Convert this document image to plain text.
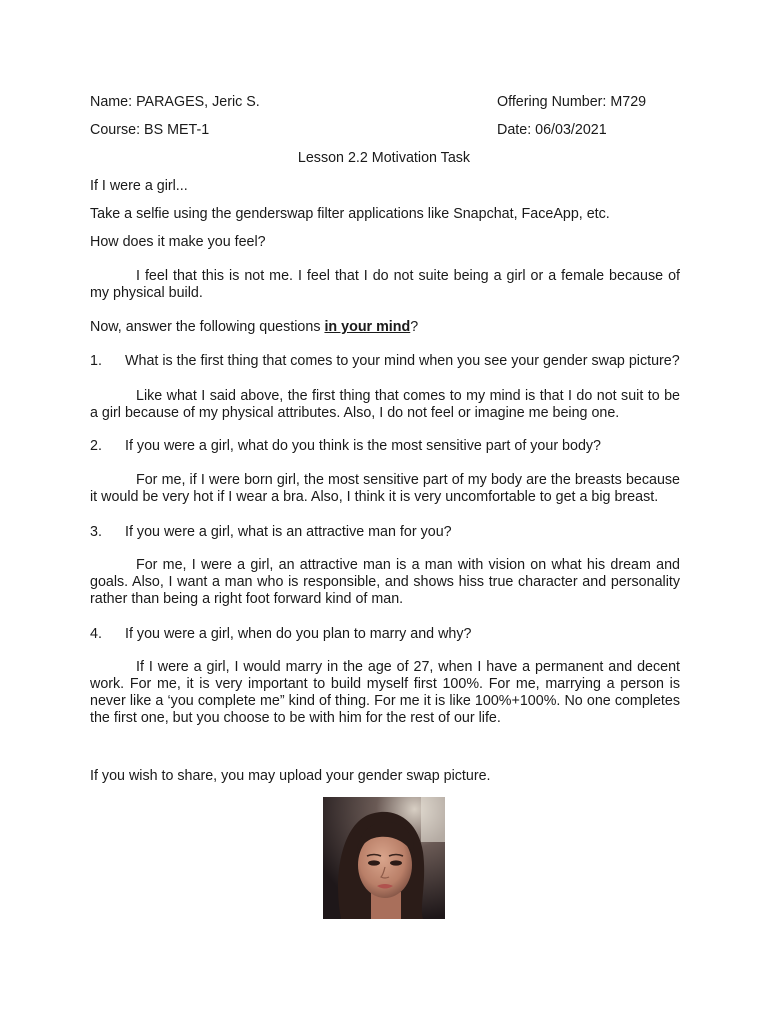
Name: PARAGES, Jeric S.	Offering Number: M729
Course: BS MET-1	Date: 06/03/2021
Lesson 2.2 Motivation Task
If I were a girl...
Take a selfie using the genderswap filter applications like Snapchat, FaceApp, etc.
How does it make you feel?
I feel that this is not me. I feel that I do not suite being a girl or a female because of my physical build.
Now, answer the following questions in your mind?
1. What is the first thing that comes to your mind when you see your gender swap picture?
Like what I said above, the first thing that comes to my mind is that I do not suit to be a girl because of my physical attributes. Also, I do not feel or imagine me being one.
2. If you were a girl, what do you think is the most sensitive part of your body?
For me, if I were born girl, the most sensitive part of my body are the breasts because it would be very hot if I wear a bra. Also, I think it is very uncomfortable to get a big breast.
3. If you were a girl, what is an attractive man for you?
For me, I were a girl, an attractive man is a man with vision on what his dream and goals. Also, I want a man who is responsible, and shows hiss true character and personality rather than being a right foot forward kind of man.
4. If you were a girl, when do you plan to marry and why?
If I were a girl, I would marry in the age of 27, when I have a permanent and decent work. For me, it is very important to build myself first 100%. For me, marrying a person is never like a ‘you complete me” kind of thing. For me it is like 100%+100%. No one completes the first one, but you choose to be with him for the rest of our life.
If you wish to share, you may upload your gender swap picture.
